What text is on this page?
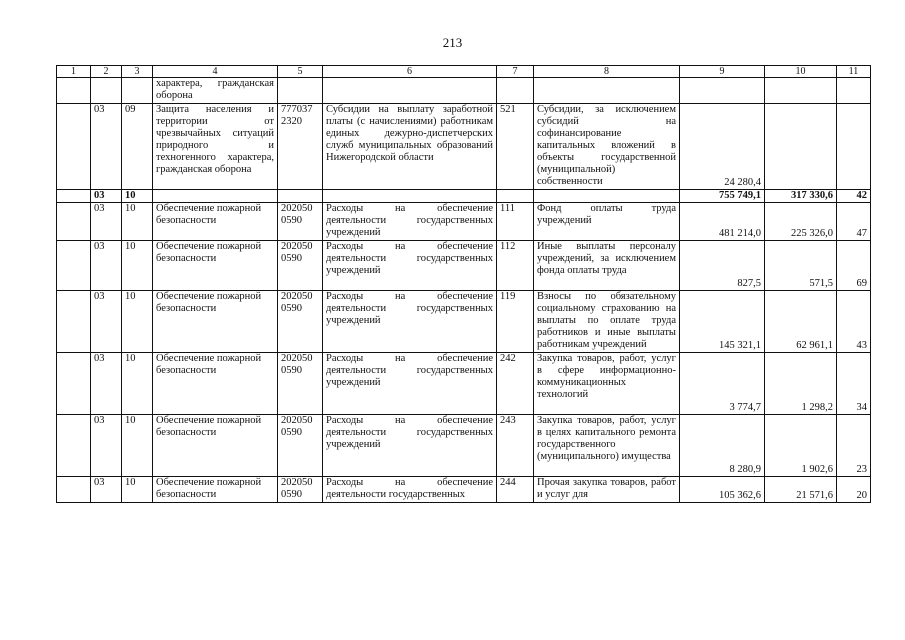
213
1	2	3	4	5	6	7	8	9	10	11
			характера, гражданская оборона							
	03	09	Защита населения и территории от чрезвычайных ситуаций природного и техногенного характера, гражданская оборона	777037 2320	Субсидии на выплату заработной платы (с начислениями) работникам единых дежурно-диспетчерских служб муниципальных образований Нижегородской области	521	Субсидии, за исключением субсидий на софинансирование капитальных вложений в объекты государственной (муниципальной) собственности	24 280,4		
	03	10						755 749,1	317 330,6	42
	03	10	Обеспечение пожарной безопасности	202050 0590	Расходы на обеспечение деятельности государственных учреждений	111	Фонд оплаты труда учреждений	481 214,0	225 326,0	47
	03	10	Обеспечение пожарной безопасности	202050 0590	Расходы на обеспечение деятельности государственных учреждений	112	Иные выплаты персоналу учреждений, за исключением фонда оплаты труда	827,5	571,5	69
	03	10	Обеспечение пожарной безопасности	202050 0590	Расходы на обеспечение деятельности государственных учреждений	119	Взносы по обязательному социальному страхованию на выплаты по оплате труда работников и иные выплаты работникам учреждений	145 321,1	62 961,1	43
	03	10	Обеспечение пожарной безопасности	202050 0590	Расходы на обеспечение деятельности государственных учреждений	242	Закупка товаров, работ, услуг в сфере информационно-коммуникационных технологий	3 774,7	1 298,2	34
	03	10	Обеспечение пожарной безопасности	202050 0590	Расходы на обеспечение деятельности государственных учреждений	243	Закупка товаров, работ, услуг в целях капитального ремонта государственного (муниципального) имущества	8 280,9	1 902,6	23
	03	10	Обеспечение пожарной безопасности	202050 0590	Расходы на обеспечение деятельности государственных	244	Прочая закупка товаров, работ и услуг для	105 362,6	21 571,6	20
